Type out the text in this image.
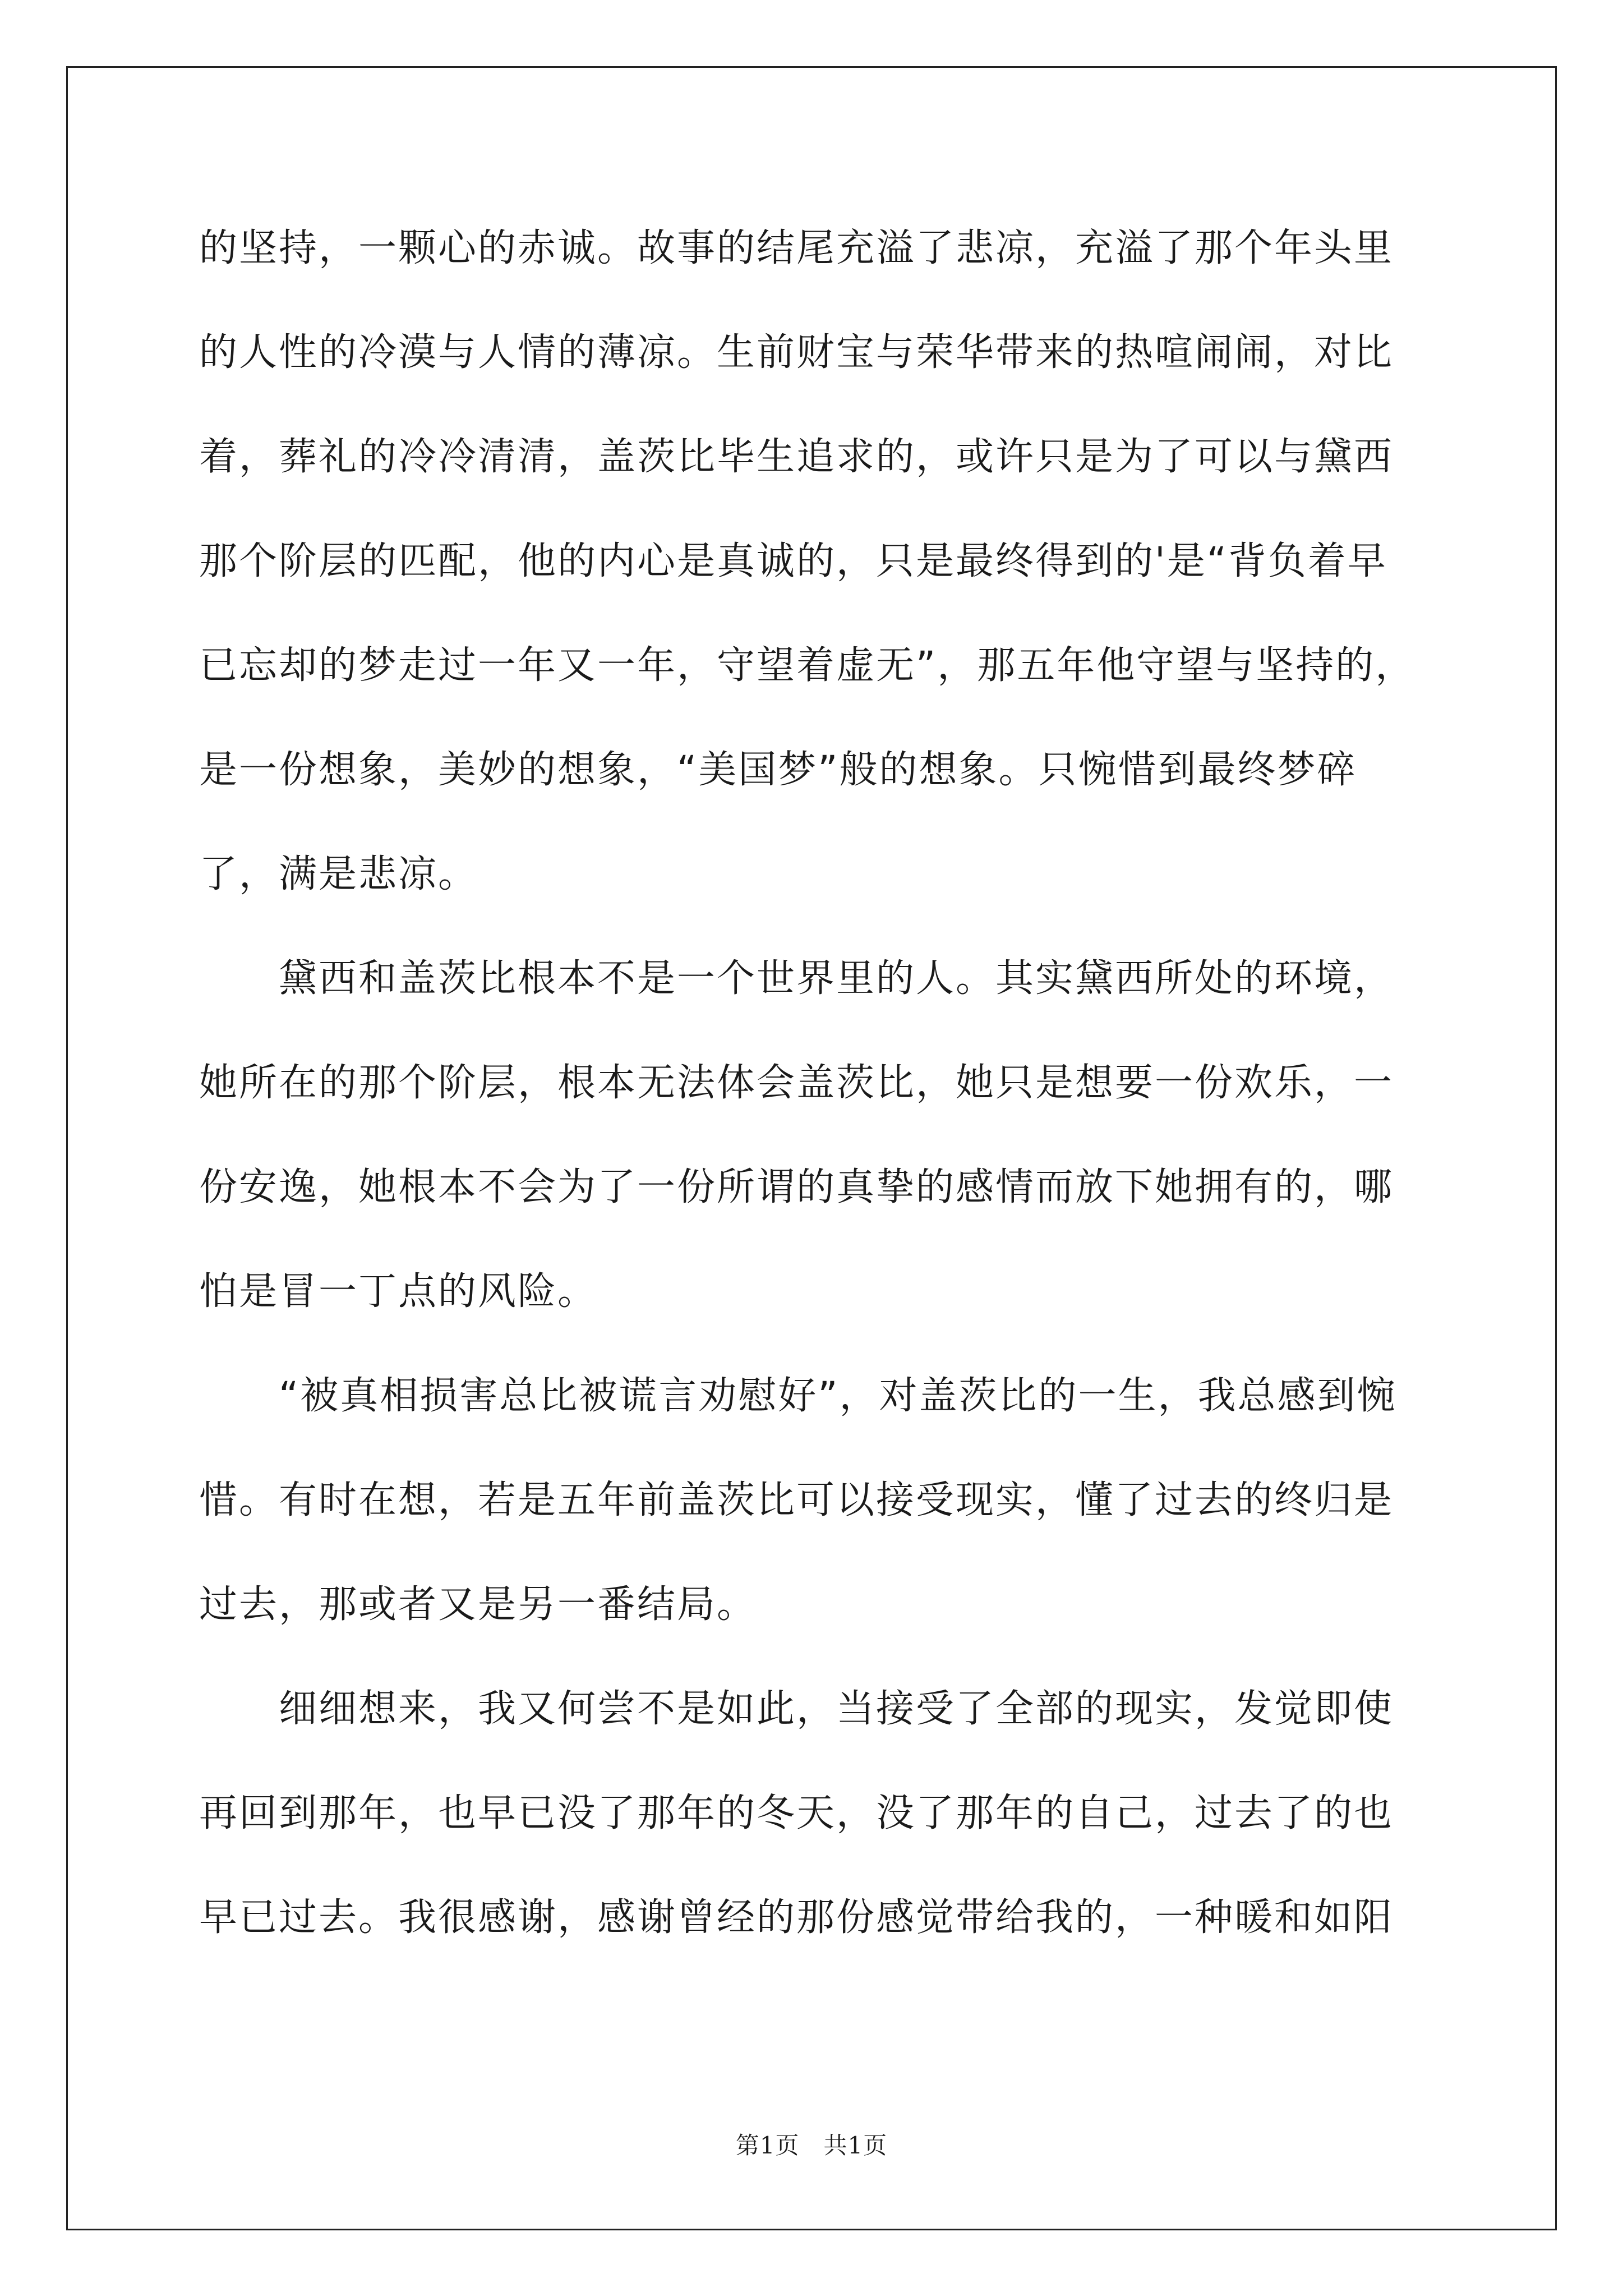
的坚持，一颗心的赤诚。故事的结尾充溢了悲凉，充溢了那个年头里
的人性的冷漠与人情的薄凉。生前财宝与荣华带来的热喧闹闹，对比
着，葬礼的冷冷清清，盖茨比毕生追求的，或许只是为了可以与黛西
那个阶层的匹配，他的内心是真诚的，只是最终得到的'是“背负着早
已忘却的梦走过一年又一年，守望着虚无”，那五年他守望与坚持的，
是一份想象，美妙的想象，“美国梦”般的想象。只惋惜到最终梦碎
了，满是悲凉。
　　黛西和盖茨比根本不是一个世界里的人。其实黛西所处的环境，
她所在的那个阶层，根本无法体会盖茨比，她只是想要一份欢乐，一
份安逸，她根本不会为了一份所谓的真挚的感情而放下她拥有的，哪
怕是冒一丁点的风险。
　　“被真相损害总比被谎言劝慰好”，对盖茨比的一生，我总感到惋
惜。有时在想，若是五年前盖茨比可以接受现实，懂了过去的终归是
过去，那或者又是另一番结局。
　　细细想来，我又何尝不是如此，当接受了全部的现实，发觉即使
再回到那年，也早已没了那年的冬天，没了那年的自己，过去了的也
早已过去。我很感谢，感谢曾经的那份感觉带给我的，一种暖和如阳
第1页　共1页
